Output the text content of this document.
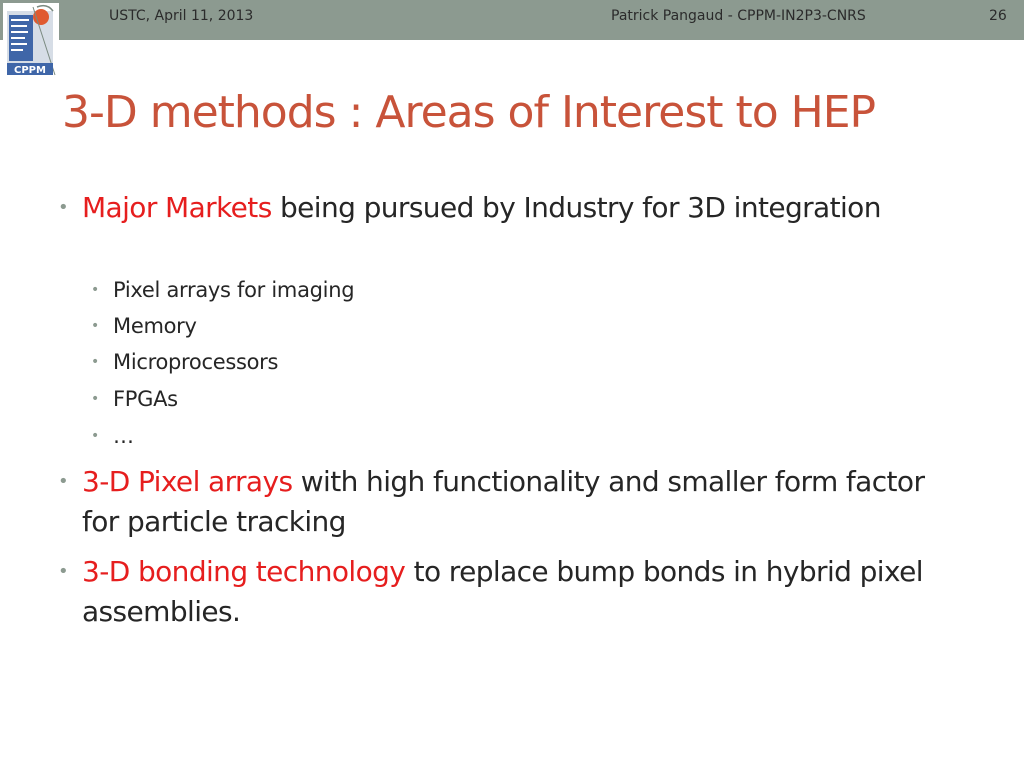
USTC, April 11, 2013	Patrick Pangaud - CPPM-IN2P3-CNRS	26
CPPM
3-D methods : Areas of Interest to HEP
• Major Markets being pursued by Industry for 3D integration
• Pixel arrays for imaging
• Memory
• Microprocessors
• FPGAs
• …
• 3-D Pixel arrays with high functionality and smaller form factor for particle tracking
• 3-D bonding technology to replace bump bonds in hybrid pixel assemblies.
